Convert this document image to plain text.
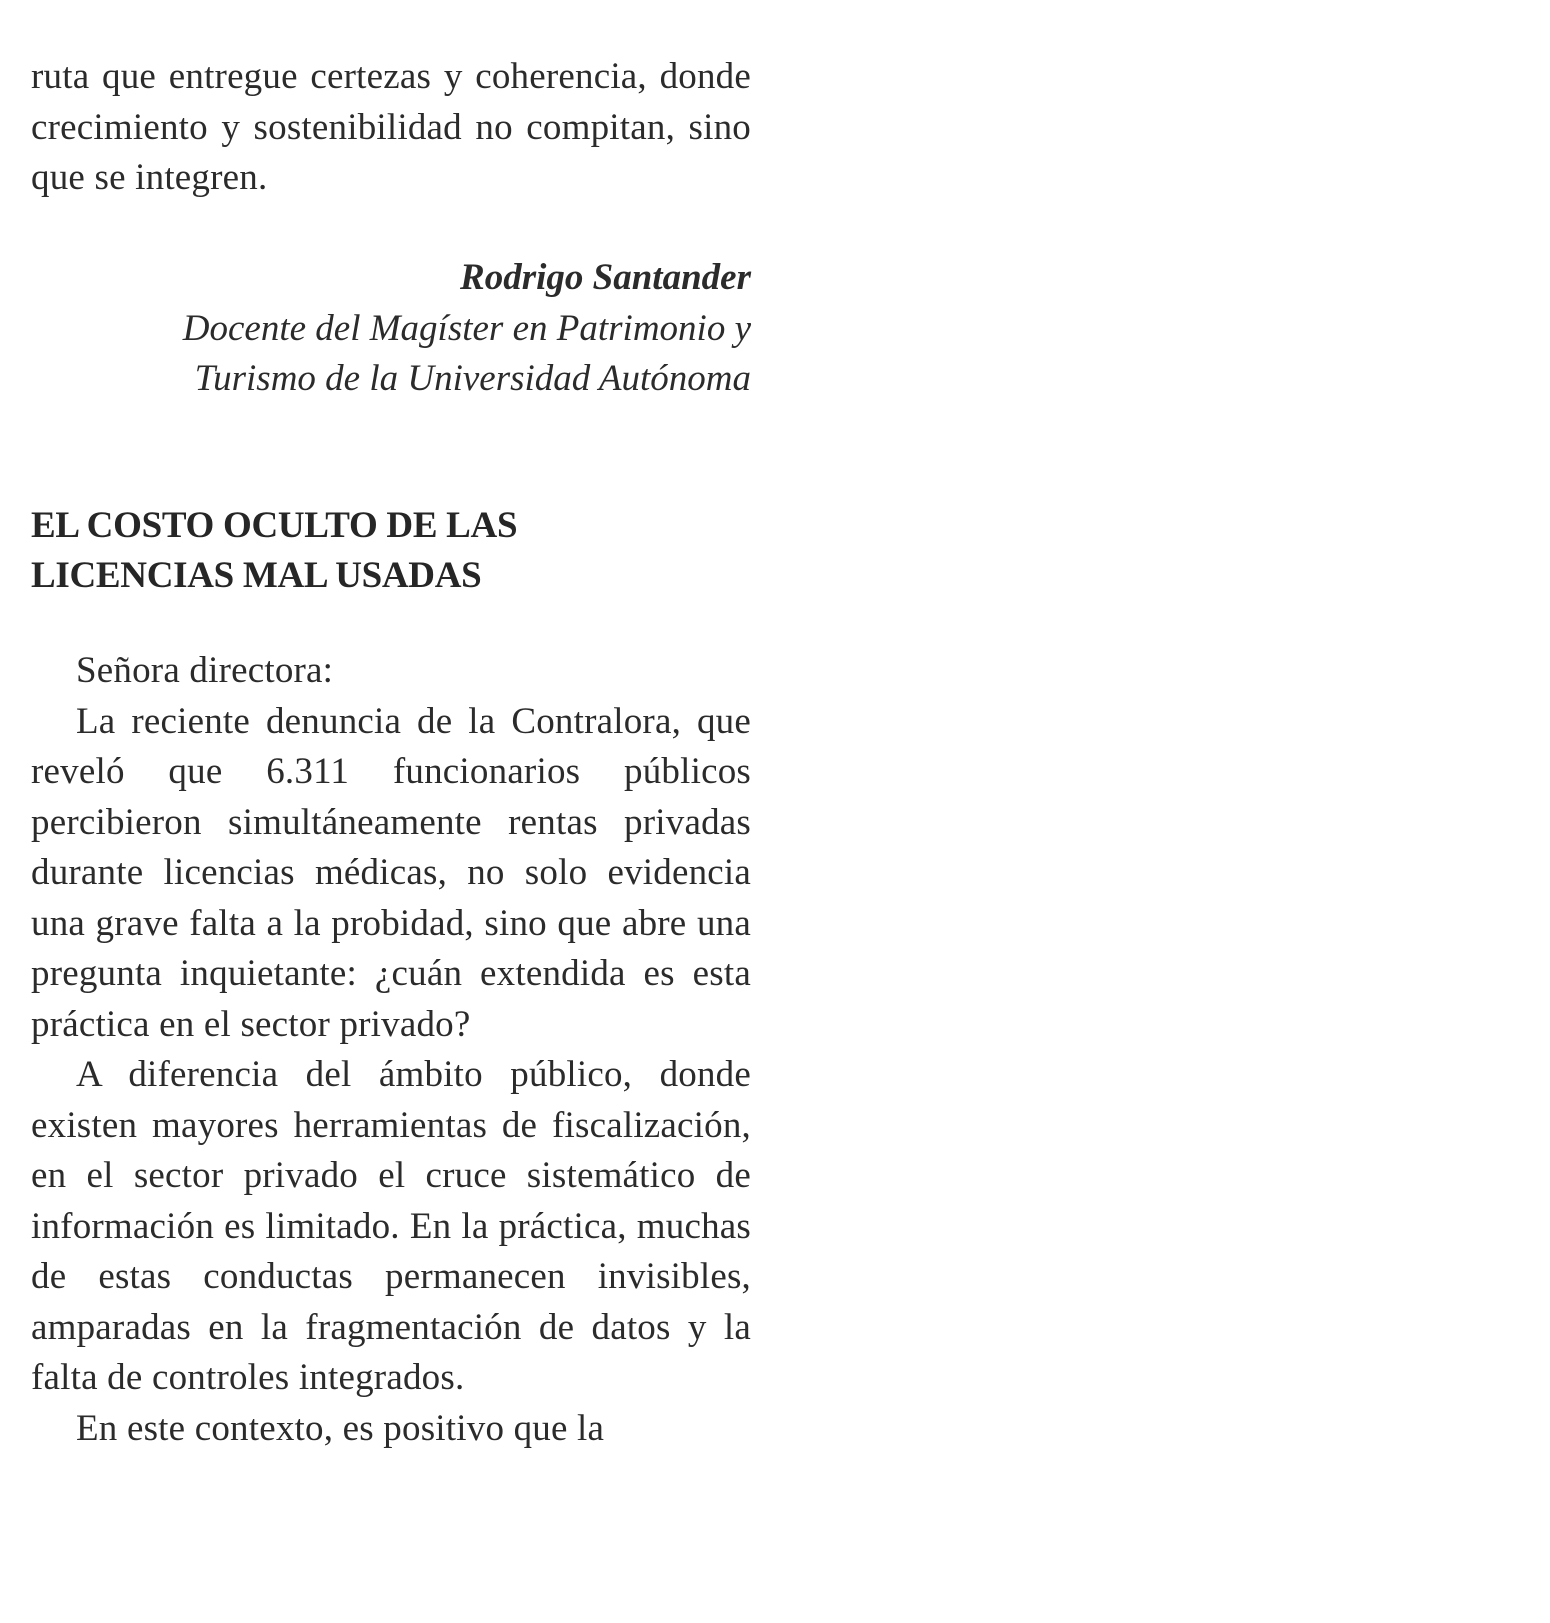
ruta que entregue certezas y coherencia, donde crecimiento y sostenibilidad no compitan, sino que se integren.

Rodrigo Santander
Docente del Magíster en Patrimonio y
Turismo de la Universidad Autónoma
EL COSTO OCULTO DE LAS
LICENCIAS MAL USADAS

Señora directora:

La reciente denuncia de la Contralora, que reveló que 6.311 funcionarios públicos percibieron simultáneamente rentas privadas durante licencias médicas, no solo evidencia una grave falta a la probidad, sino que abre una pregunta inquietante: ¿cuán extendida es esta práctica en el sector privado?

A diferencia del ámbito público, donde existen mayores herramientas de fiscalización, en el sector privado el cruce sistemático de información es limitado. En la práctica, muchas de estas conductas permanecen invisibles, amparadas en la fragmentación de datos y la falta de controles integrados.

En este contexto, es positivo que la
